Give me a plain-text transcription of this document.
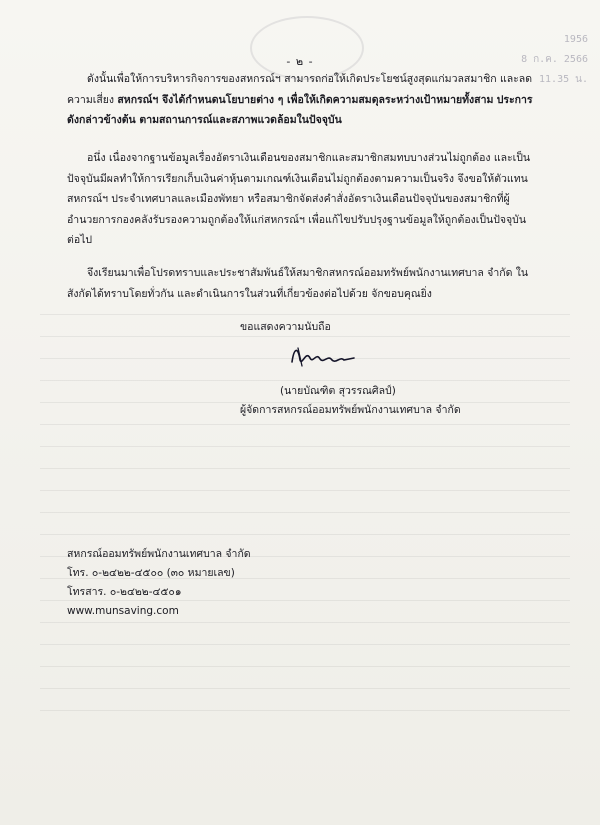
1956
8 ก.ค. 2566
11.35 น.
- ๒ -
ดังนั้นเพื่อให้การบริหารกิจการของสหกรณ์ฯ สามารถก่อให้เกิดประโยชน์สูงสุดแก่มวลสมาชิก และลดความเสี่ยง สหกรณ์ฯ จึงได้กำหนดนโยบายต่าง ๆ เพื่อให้เกิดความสมดุลระหว่างเป้าหมายทั้งสาม ประการดังกล่าวข้างต้น ตามสถานการณ์และสภาพแวดล้อมในปัจจุบัน
อนึ่ง เนื่องจากฐานข้อมูลเรื่องอัตราเงินเดือนของสมาชิกและสมาชิกสมทบบางส่วนไม่ถูกต้อง และเป็นปัจจุบันมีผลทำให้การเรียกเก็บเงินค่าหุ้นตามเกณฑ์เงินเดือนไม่ถูกต้องตามความเป็นจริง จึงขอให้ตัวแทนสหกรณ์ฯ ประจำเทศบาลและเมืองพัทยา หรือสมาชิกจัดส่งคำสั่งอัตราเงินเดือนปัจจุบันของสมาชิกที่ผู้อำนวยการกองคลังรับรองความถูกต้องให้แก่สหกรณ์ฯ เพื่อแก้ไขปรับปรุงฐานข้อมูลให้ถูกต้องเป็นปัจจุบันต่อไป
จึงเรียนมาเพื่อโปรดทราบและประชาสัมพันธ์ให้สมาชิกสหกรณ์ออมทรัพย์พนักงานเทศบาล จำกัด ในสังกัดได้ทราบโดยทั่วกัน และดำเนินการในส่วนที่เกี่ยวข้องต่อไปด้วย จักขอบคุณยิ่ง
ขอแสดงความนับถือ
(นายบัณฑิต สุวรรณศิลป์)
ผู้จัดการสหกรณ์ออมทรัพย์พนักงานเทศบาล จำกัด
สหกรณ์ออมทรัพย์พนักงานเทศบาล จำกัด
โทร. ๐-๒๔๒๒-๔๕๐๐ (๓๐ หมายเลข)
โทรสาร. ๐-๒๔๒๒-๔๕๐๑
www.munsaving.com
